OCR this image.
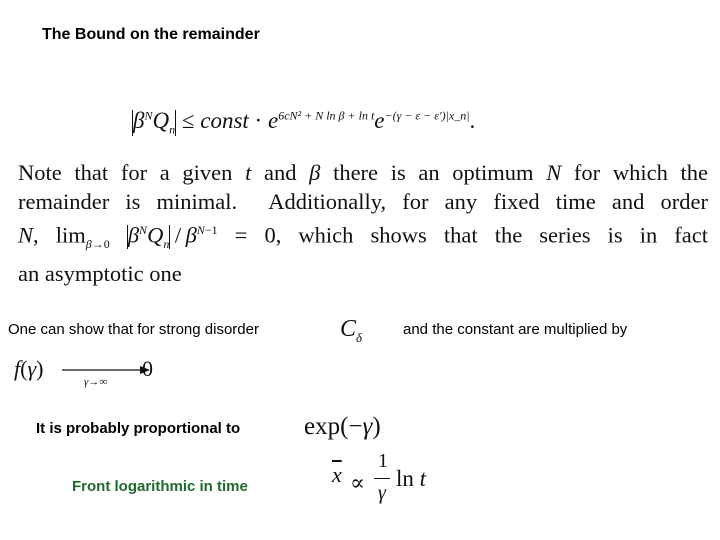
The Bound on the remainder
$\beta^NQ_n$ ≤ const · $e^{6cN^2 + N ln \beta + ln t}e^{-(\gamma - \varepsilon - \varepsilon')|x\_n|}$.
Note that for a given t and β there is an optimum N for which the
remainder is minimal.  Additionally, for any fixed time and order
N, $\lim_{\beta\to 0} \beta^NQ_n / \beta^{N-1} = 0$, which shows that the series is in fact
an asymptotic one
One can show that for strong disorder	$C_\delta$	and the constant are multiplied by
f(γ)
γ→∞
0
It is probably proportional to	exp(−γ)
Front logarithmic in time	$\overline{x}$ ∝
1
γ
ln t
